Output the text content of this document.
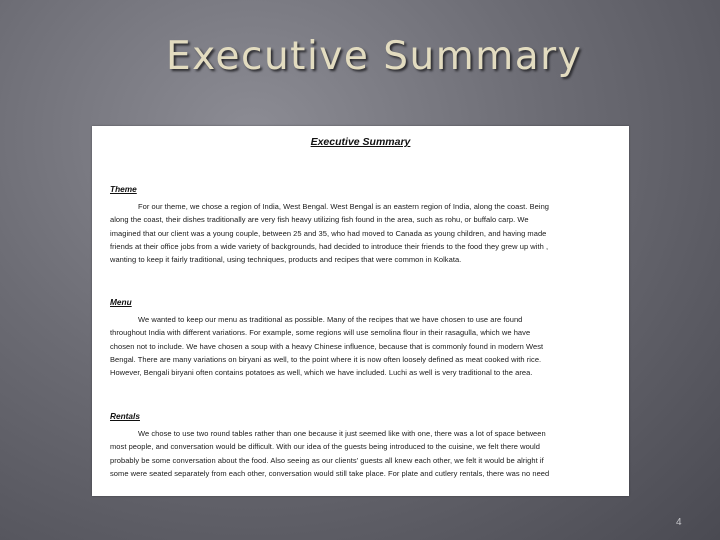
Executive Summary

Executive Summary

Theme

For our theme, we chose a region of India, West Bengal. West Bengal is an eastern region of India, along the coast. Being
along the coast, their dishes traditionally are very fish heavy utilizing fish found in the area, such as rohu, or buffalo carp. We
imagined that our client was a young couple, between 25 and 35, who had moved to Canada as young children, and having made
friends at their office jobs from a wide variety of backgrounds, had decided to introduce their friends to the food they grew up with ,
wanting to keep it fairly traditional, using techniques, products and recipes that were common in Kolkata.

Menu

We wanted to keep our menu as traditional as possible. Many of the recipes that we have chosen to use are found
throughout India with different variations. For example, some regions will use semolina flour in their rasagulla, which we have
chosen not to include. We have chosen a soup with a heavy Chinese influence, because that is commonly found in modern West
Bengal. There are many variations on biryani as well, to the point where it is now often loosely defined as meat cooked with rice.
However, Bengali biryani often contains potatoes as well, which we have included. Luchi as well is very traditional to the area.

Rentals

We chose to use two round tables rather than one because it just seemed like with one, there was a lot of space between
most people, and conversation would be difficult. With our idea of the guests being introduced to the cuisine, we felt there would
probably be some conversation about the food. Also seeing as our clients' guests all knew each other, we felt it would be alright if
some were seated separately from each other, conversation would still take place. For plate and cutlery rentals, there was no need

4
